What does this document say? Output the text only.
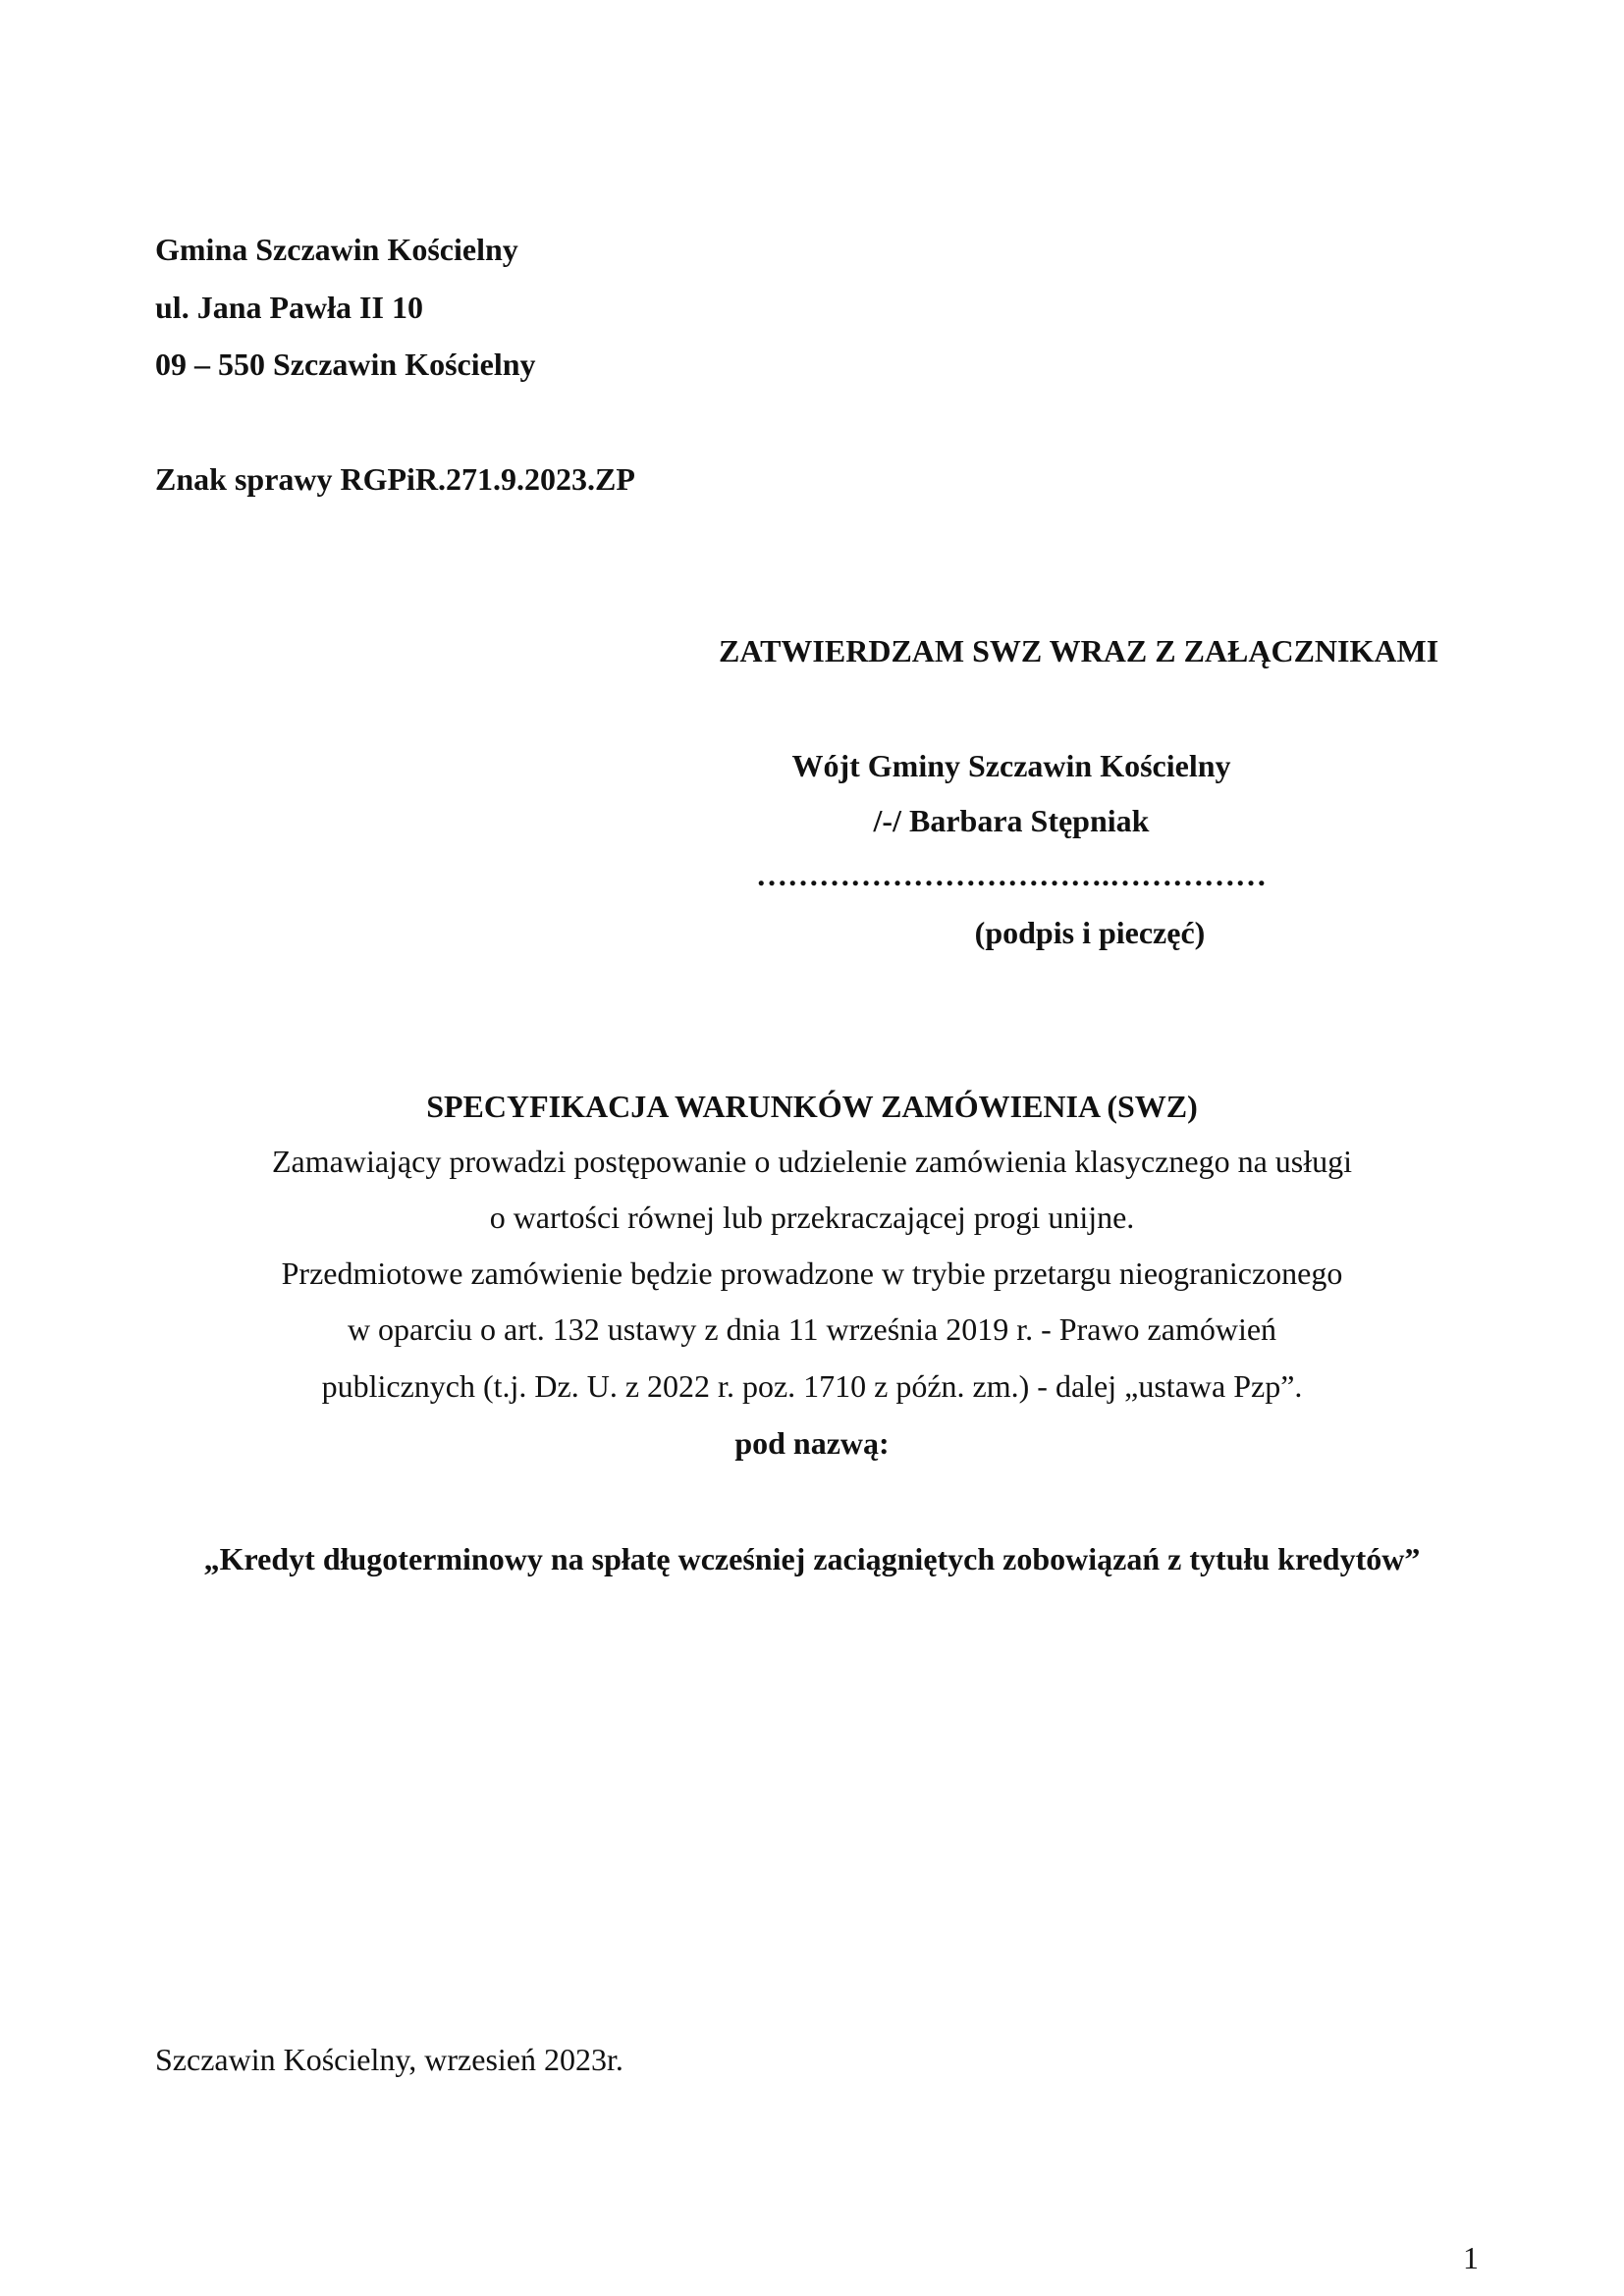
Gmina Szczawin Kościelny
ul. Jana Pawła II 10
09 – 550 Szczawin Kościelny
Znak sprawy RGPiR.271.9.2023.ZP
ZATWIERDZAM SWZ WRAZ Z ZAŁĄCZNIKAMI
Wójt Gminy Szczawin Kościelny
/-/ Barbara Stępniak
…………………………….……………
(podpis i pieczęć)
SPECYFIKACJA WARUNKÓW ZAMÓWIENIA (SWZ)
Zamawiający prowadzi postępowanie o udzielenie zamówienia klasycznego na usługi
o wartości równej lub przekraczającej progi unijne.
Przedmiotowe zamówienie będzie prowadzone w trybie przetargu nieograniczonego
w oparciu o art. 132 ustawy z dnia 11 września 2019 r. - Prawo zamówień
publicznych (t.j. Dz. U. z 2022 r. poz. 1710 z późn. zm.) - dalej „ustawa Pzp”.
pod nazwą:
„Kredyt długoterminowy na spłatę wcześniej zaciągniętych zobowiązań z tytułu kredytów”
Szczawin Kościelny, wrzesień 2023r.
1
